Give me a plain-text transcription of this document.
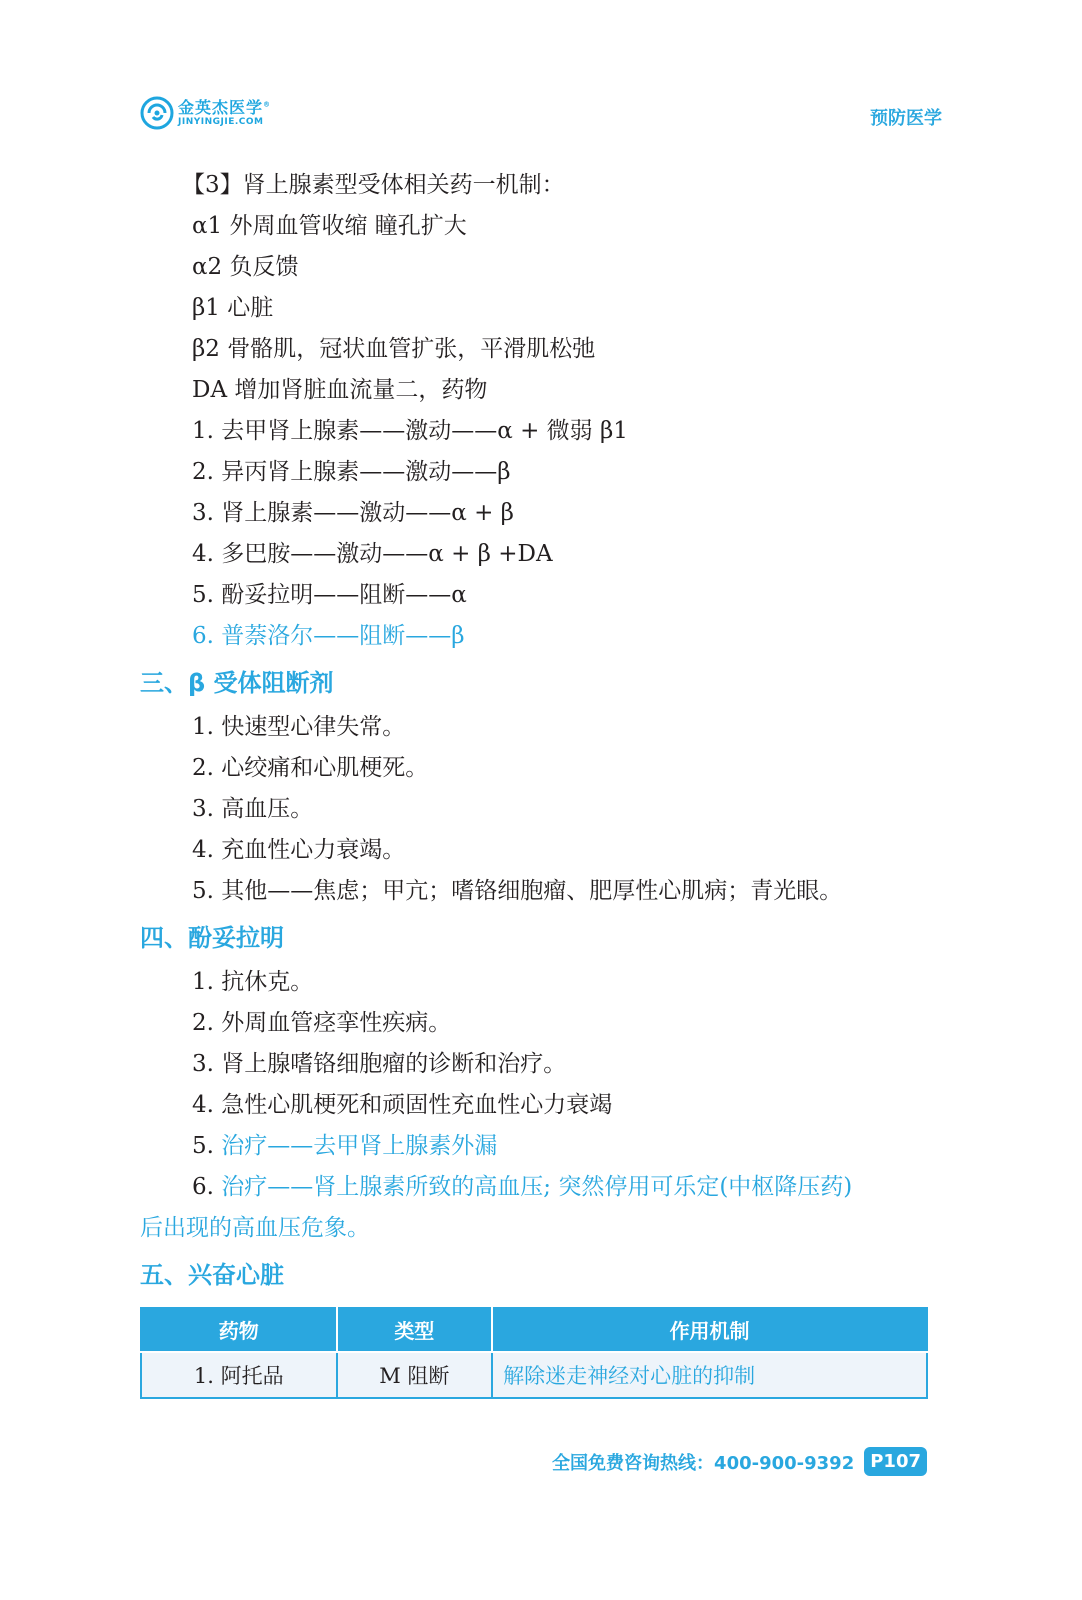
金英杰医学®
JINYINGJIE.COM	预防医学
【3】肾上腺素型受体相关药一机制：
α1 外周血管收缩 瞳孔扩大
α2 负反馈
β1 心脏
β2 骨骼肌，冠状血管扩张，平滑肌松弛
DA 增加肾脏血流量二，药物
1. 去甲肾上腺素——激动——α + 微弱 β1
2. 异丙肾上腺素——激动——β
3. 肾上腺素——激动——α + β
4. 多巴胺——激动——α + β +DA
5. 酚妥拉明——阻断——α
6. 普萘洛尔——阻断——β
三、β 受体阻断剂
1. 快速型心律失常。
2. 心绞痛和心肌梗死。
3. 高血压。
4. 充血性心力衰竭。
5. 其他——焦虑；甲亢；嗜铬细胞瘤、肥厚性心肌病；青光眼。
四、酚妥拉明
1. 抗休克。
2. 外周血管痉挛性疾病。
3. 肾上腺嗜铬细胞瘤的诊断和治疗。
4. 急性心肌梗死和顽固性充血性心力衰竭
5. 治疗——去甲肾上腺素外漏
6. 治疗——肾上腺素所致的高血压; 突然停用可乐定(中枢降压药)
后出现的高血压危象。
五、兴奋心脏
药物	类型	作用机制
1. 阿托品	M 阻断	解除迷走神经对心脏的抑制
全国免费咨询热线：400-900-9392 P107
